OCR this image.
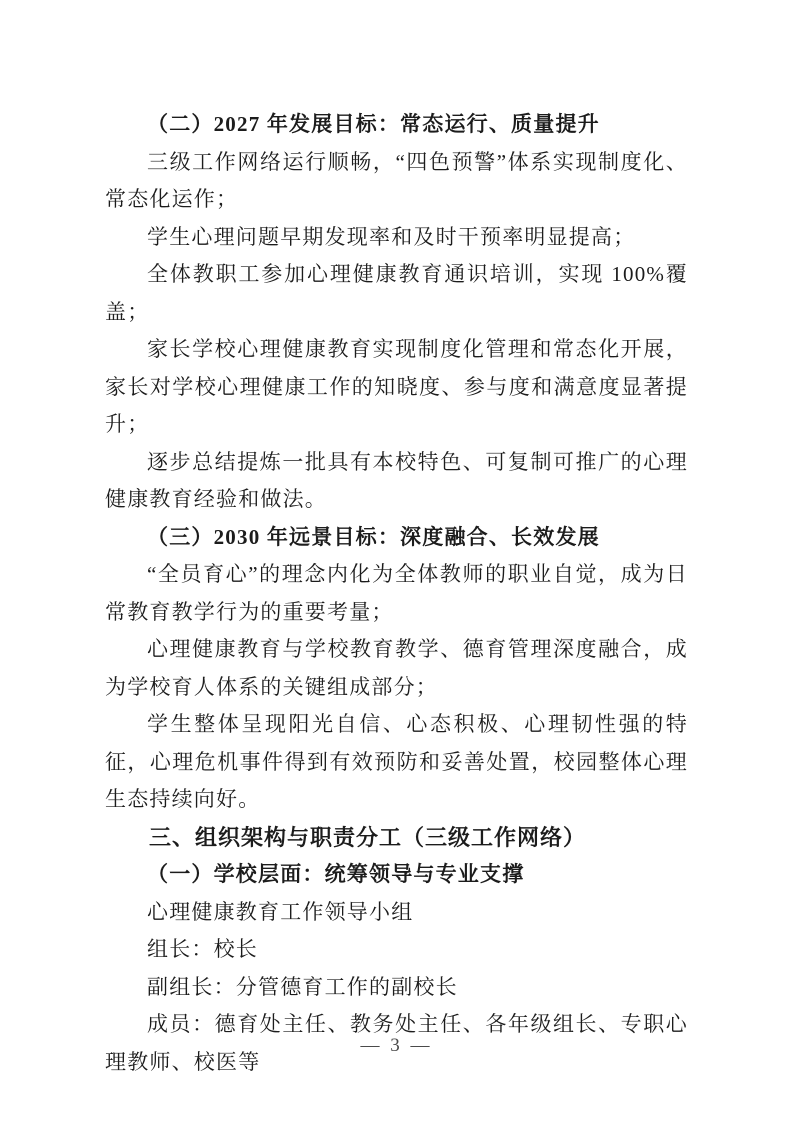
（二）2027 年发展目标：常态运行、质量提升

三级工作网络运行顺畅，“四色预警”体系实现制度化、常态化运作；

学生心理问题早期发现率和及时干预率明显提高；

全体教职工参加心理健康教育通识培训，实现 100%覆盖；

家长学校心理健康教育实现制度化管理和常态化开展，家长对学校心理健康工作的知晓度、参与度和满意度显著提升；

逐步总结提炼一批具有本校特色、可复制可推广的心理健康教育经验和做法。

（三）2030 年远景目标：深度融合、长效发展

“全员育心”的理念内化为全体教师的职业自觉，成为日常教育教学行为的重要考量；

心理健康教育与学校教育教学、德育管理深度融合，成为学校育人体系的关键组成部分；

学生整体呈现阳光自信、心态积极、心理韧性强的特征，心理危机事件得到有效预防和妥善处置，校园整体心理生态持续向好。

三、组织架构与职责分工（三级工作网络）

（一）学校层面：统筹领导与专业支撑

心理健康教育工作领导小组

组长：校长

副组长：分管德育工作的副校长

成员：德育处主任、教务处主任、各年级组长、专职心理教师、校医等

— 3 —
